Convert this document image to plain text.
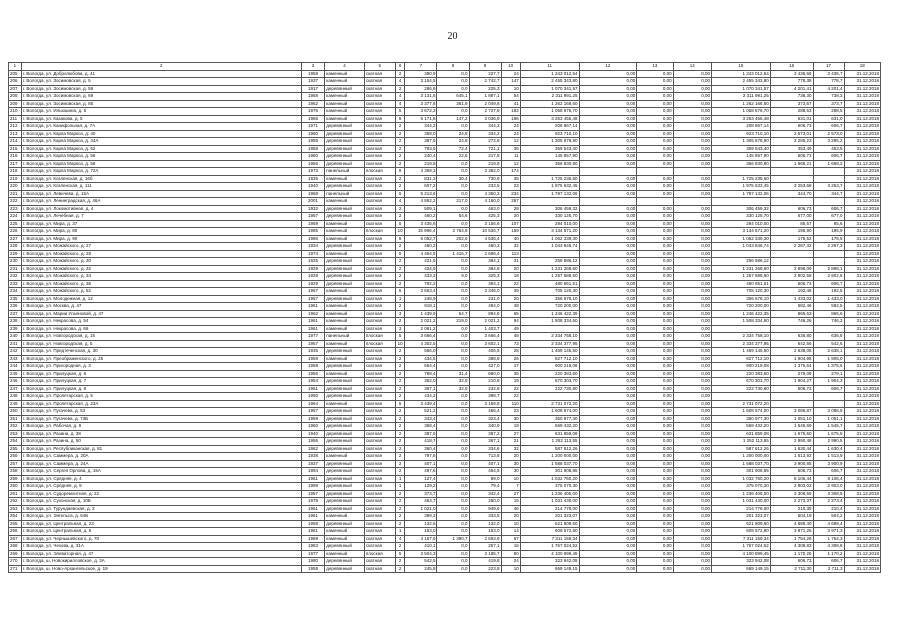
20
1	2	3	4	5	6	7	8	9	10	11	12	13	14	15	16	17	18
205	г. Вологда, ул. Добролюбова, д. 41	1958	каменный	скатная	2	390,9	0,0	227,7	24	1 343 012,54	0,00	0,00	0,00	1 343 012,54	3 435,68	3 435,7	31.12.2018
206	г. Вологда, ул. Зосимовская, д. 5	1937	каменный	скатная	4	3 154,5	0,0	2 742,7	147	2 455 343,80	0,00	0,00	0,00	2 455 343,80	778,38	778,7	31.12.2018
207	г. Вологда, ул. Зосимовская, д. 59	1917	деревянный	скатная	2	286,9	0,0	225,3	10	1 070 341,57	0,00	0,00	0,00	1 070 341,57	4 201,41	4 201,4	31.12.2018
208	г. Вологда, ул. Зосимовская, д. 69	1958	каменный	скатная	4	3 131,6	645,1	1 887,1	54	2 311 991,25	0,00	0,00	0,00	2 311 991,25	738,30	738,3	31.12.2018
209	г. Вологда, ул. Зосимовская, д. 85	1962	каменный	скатная	4	3 377,8	361,9	2 049,8	41	1 262 168,60	0,00	0,00	0,00	1 262 168,60	373,67	373,7	31.12.2018
210	г. Вологда, ул. Ильюшина, д. 5	1976	каменный	скатная	5	3 672,3	0,0	2 727,8	182	1 058 676,70	0,00	0,00	0,00	1 058 676,70	288,53	288,5	31.12.2018
211	г. Вологда, ул. Казакова, д. 5	1965	каменный	скатная	5	5 171,8	147,2	3 036,9	186	3 263 455,48	0,00	0,00	0,00	3 263 455,48	631,01	631,0	31.12.2018
212	г. Вологда, ул. Канифольная, д. 7А	1971	деревянный	скатная	2	344,3	0,0	344,3	24	208 867,14	0,00	0,00	0,00	208 867,14	606,73	606,7	31.12.2018
213	г. Вологда, ул. Карла Маркса, д. 40	1960	деревянный	скатная	2	359,0	24,8	334,2	24	923 710,10	0,00	0,00	0,00	923 710,10	2 573,01	2 573,0	31.12.2018
214	г. Вологда, ул. Карла Маркса, д. 44А	1955	деревянный	скатная	2	397,5	24,8	272,8	12	1 305 678,90	0,00	0,00	0,00	1 305 678,90	3 285,23	3 285,2	31.12.2018
215	г. Вологда, ул. Карла Маркса, д. 52	1958	деревянный	скатная	2	793,5	72,4	721,1	36	359 543,40	0,00	0,00	0,00	359 543,40	453,49	453,5	31.12.2018
216	г. Вологда, ул. Карла Маркса, д. 56	1960	деревянный	скатная	2	240,4	22,6	217,8	11	145 857,90	0,00	0,00	0,00	145 857,90	606,73	606,7	31.12.2018
217	г. Вологда, ул. Карла Маркса, д. 58	1956	деревянный	скатная	2	219,9	0,0	219,9	12	366 830,80	0,00	0,00	0,00	366 830,80	1 668,21	1 668,2	31.12.2018
218	г. Вологда, ул. Карла Маркса, д. 72А	1973	панельный	плоская	9	4 369,3	0,0	3 382,0	174								31.12.2018
219	г. Вологда, ул. Козленская, д. 16б	1935	каменный	скатная	2	831,3	30,4	730,8	35	1 725 235,60	0,00	0,00	0,00	1 725 235,60			31.12.2018
220	г. Вологда, ул. Козленская, д. 111	1940	деревянный	скатная	2	607,2	0,0	233,5	23	1 975 632,45	0,00	0,00	0,00	1 975 632,45	3 253,68	3 253,7	31.12.2018
221	г. Вологда, ул. Левичева, д. 15А	1968	панельный	скатная	5	5 213,6	0,0	4 360,3	234	1 797 132,06	0,00	0,00	0,00	1 797 132,06	344,70	344,7	31.12.2018
222	г. Вологда, ул. Ленинградская, д. 46А	2001	каменный	скатная	4	4 862,2	217,0	4 160,0	267								31.12.2018
223	г. Вологда, ул. Локомотивная, д. 4	1932	деревянный	скатная	2	509,1	0,0	463,0	28	306 459,32	0,00	0,00	0,00	306 459,32	606,73	606,7	31.12.2018
224	г. Вологда, ул. Лечебная, д. 7	1957	деревянный	скатная	2	460,2	54,6	425,3	20	330 125,70	0,00	0,00	0,00	330 125,70	677,00	677,0	31.12.2018
225	г. Вологда, ул. Мира, д. 37	1959	каменный	скатная	5	3 435,6	0,0	3 156,6	107	294 010,00	0,00	0,00	0,00	294 010,00	85,57	85,6	31.12.2018
226	г. Вологда, ул. Мира, д. 80	1985	каменный	плоская	10	15 996,4	2 764,8	10 536,7	159	3 134 571,20	0,00	0,00	0,00	3 134 571,20	195,90	195,9	31.12.2018
227	г. Вологда, ул. Мира, д. 90	1986	каменный	скатная	5	6 052,7	202,6	4 536,4	40	1 062 339,30	0,00	0,00	0,00	1 062 339,30	175,52	175,5	31.12.2018
228	г. Вологда, ул. Можайского, д. 27	1934	деревянный	скатная	2	460,3	0,0	460,3	32	1 043 846,74	0,00	0,00	0,00	1 043 846,74	2 267,32	2 267,3	31.12.2018
229	г. Вологда, ул. Можайского, д. 28	1974	каменный	скатная	5	4 454,5	1 416,7	2 696,4	113		0,00	0,00	0,00				31.12.2018
230	г. Вологда, ул. Можайского, д. 30	1925	деревянный	скатная	2	421,5	0,0	384,1	31	256 586,12	0,00	0,00	0,00	256 586,12			31.12.2018
231	г. Вологда, ул. Можайского, д. 32	1929	деревянный	скатная	2	424,9	0,0	384,8	20	1 231 268,60	0,00	0,00	0,00	1 231 268,60	2 898,09	2 898,1	31.12.2018
232	г. Вологда, ул. Можайского, д. 34	1928	деревянный	скатная	2	433,3	9,0	325,3	18	1 257 688,60	0,00	0,00	0,00	1 257 688,60	2 902,58	2 902,6	31.12.2018
233	г. Вологда, ул. Можайского, д. 36	1929	деревянный	скатная	2	792,2	0,0	364,1	22	480 651,51	0,00	0,00	0,00	480 651,51	606,73	606,7	31.12.2018
234	г. Вологда, ул. Можайского, д. 52	1967	каменный	скатная	5	3 663,4	0,0	3 346,0	39	705 120,30	0,00	0,00	0,00	705 120,30	192,48	192,5	31.12.2018
235	г. Вологда, ул. Молодежная, д. 12	1957	деревянный	скатная	1	248,9	0,0	231,0	20	356 678,10	0,00	0,00	0,00	356 678,10	1 433,02	1 433,0	31.12.2018
236	г. Вологда, ул. Москва, д. 47	1961	каменный	скатная	2	918,1	0,0	494,0	48	720 200,00	0,00	0,00	0,00	720 200,00	582,46	582,5	31.12.2018
237	г. Вологда, ул. Марии Ульяновой, д. 47	1962	каменный	скатная	3	1 439,9	54,7	894,8	65	1 246 422,35	0,00	0,00	0,00	1 246 422,35	865,63	865,6	31.12.2018
238	г. Вологда, ул. Некрасова, д. 54	1961	каменный	скатная	2	2 021,2	219,0	2 021,2	94	1 508 334,60	0,00	0,00	0,00	1 508 334,60	746,26	746,3	31.12.2018
239	г. Вологда, ул. Некрасова, д. 66	1961	каменный	скатная	3	2 061,2	0,0	1 403,7	49		0,00	0,00	0,00				31.12.2018
240	г. Вологда, ул. Новгородская, д. 15	1977	панельный	плоская	5	3 666,4	0,0	3 666,4	48	2 334 758,10	0,00	0,00	0,00	2 334 758,10	636,80	636,8	31.12.2018
241	г. Вологда, ул. Новгородская, д. 5	1957	каменный	плоская	10	4 302,5	0,0	3 602,1	73	2 334 377,95	0,00	0,00	0,00	2 334 377,95	542,56	542,6	31.12.2018
242	г. Вологда, ул. Предтеченская, д. 30	1935	деревянный	скатная	2	566,0	0,0	406,5	28	1 469 145,50	0,00	0,00	0,00	1 469 145,50	2 638,05	2 638,1	31.12.2018
243	г. Вологда, ул. Преображенского, д. 25	1959	каменный	скатная	2	434,5	0,0	398,8	26	827 712,10	0,00	0,00	0,00	827 712,10	1 904,98	1 905,0	31.12.2018
244	г. Вологда, ул. Пригородная, д. 3	1958	деревянный	скатная	2	654,4	0,0	427,0	17	900 219,08	0,00	0,00	0,00	900 219,08	1 375,64	1 375,6	31.12.2018
245	г. Вологда, ул. Прилуцкая, д. 6	1956	каменный	скатная	2	789,4	31,4	680,0	36	220 383,60	0,00	0,00	0,00	220 383,60	279,08	279,1	31.12.2018
246	г. Вологда, ул. Прилуцкая, д. 7	1954	деревянный	скатная	2	352,0	32,5	210,8	19	670 303,70	0,00	0,00	0,00	670 303,70	1 904,27	1 904,3	31.12.2018
247	г. Вологда, ул. Прилуцкая, д. 8	1951	деревянный	скатная	2	367,1	32,5	232,8	22	222 730,80	0,00	0,00	0,00	222 730,80	606,73	606,7	31.12.2018
248	г. Вологда, ул. Пролетарская, д. 5	1950	деревянный	скатная	2	434,2	0,0	398,7	22		0,00	0,00	0,00				31.12.2018
249	г. Вологда, ул. Пролетарская, д. 23А	1964	каменный	скатная	5	3 439,4	0,0	3 159,8	110	2 731 072,20	0,00	0,00	0,00	2 731 072,20			31.12.2018
250	г. Вологда, ул. Пугачева, д. 53	1957	деревянный	скатная	2	521,2	0,0	466,4	23	1 608 674,00	0,00	0,00	0,00	1 608 674,00	3 086,87	3 086,9	31.12.2018
251	г. Вологда, ул. Пугачева, д. 73Б	1959	деревянный	скатная	2	343,4	0,0	323,4	30	360 977,30	0,00	0,00	0,00	360 977,30	1 051,10	1 051,1	31.12.2018
252	г. Вологда, ул. Рабочая, д. 9	1960	деревянный	скатная	2	368,4	0,0	340,9	19	569 432,20	0,00	0,00	0,00	569 432,20	1 545,69	1 545,7	31.12.2018
253	г. Вологда, ул. Разина, д. 38	1940	деревянный	скатная	2	387,5	0,0	387,2	27	631 859,08	0,00	0,00	0,00	631 859,08	1 675,50	1 675,5	31.12.2018
254	г. Вологда, ул. Разина, д. 50	1956	деревянный	скатная	2	418,7	0,0	367,1	21	1 252 113,55	0,00	0,00	0,00	1 252 113,55	2 990,48	2 990,5	31.12.2018
255	г. Вологда, ул. Республиканская, д. 81	1962	деревянный	скатная	2	360,4	0,0	334,6	32	587 612,26	0,00	0,00	0,00	587 612,26	1 630,44	1 630,4	31.12.2018
256	г. Вологда, ул. Саммера, д. 20А	1938	каменный	скатная	2	797,6	0,0	713,8	20	1 200 000,00	0,00	0,00	0,00	1 200 000,00	1 513,92	1 513,9	31.12.2018
257	г. Вологда, ул. Саммера, д. 24А	1937	деревянный	скатная	2	407,1	0,0	407,1	30	1 588 037,70	0,00	0,00	0,00	1 588 037,70	3 900,85	3 900,9	31.12.2018
258	г. Вологда, ул. Сергея Орлова, д. 15А	1994	деревянный	скатная	2	497,6	0,0	454,5	30	301 908,85	0,00	0,00	0,00	301 908,85	606,73	606,7	31.12.2018
259	г. Вологда, ул. Средняя, д. 4	1951	деревянный	скатная	1	127,4	0,0	89,0	10	1 032 760,20	0,00	0,00	0,00	1 032 760,20	8 106,44	8 106,4	31.12.2018
260	г. Вологда, ул. Средняя, д. 9	1999	деревянный	скатная	1	129,2	0,0	79,4	7	375 070,30	0,00	0,00	0,00	375 070,30	2 903,02	2 903,0	31.12.2018
261	г. Вологда, ул. Судоремонтная, д. 22	1957	деревянный	скатная	2	373,7	0,0	342,4	27	1 236 405,00	0,00	0,00	0,00	1 236 405,00	3 308,55	3 308,5	31.12.2018
262	г. Вологда, ул. Сухонская, д. 10Б	1978	деревянный	скатная	2	453,7	0,0	260,0	16	1 031 430,00	0,00	0,00	0,00	1 031 430,00	2 273,37	2 273,4	31.12.2018
263	г. Вологда, ул. Турундаевская, д. 2	1961	деревянный	скатная	2	1 021,0	0,0	949,6	46	214 778,00	0,00	0,00	0,00	214 778,00	210,35	210,4	31.12.2018
264	г. Вологда, ул. Энгельса, д. 64Б	1961	каменный	скатная	2	399,3	0,0	333,5	20	201 323,07	0,00	0,00	0,00	201 323,07	504,19	504,2	31.12.2018
265	г. Вологда, ул. Центральная, д. 23	1958	деревянный	скатная	2	132,6	0,0	132,0	10	621 809,60	0,00	0,00	0,00	621 809,60	4 689,40	4 689,4	31.12.2018
266	г. Вологда, ул. Центральная, д. 5	1961	каменный	скатная	1	153,0	0,0	153,0	14	609 572,80	0,00	0,00	0,00	609 572,80	3 971,26	3 971,3	31.12.2018
267	г. Вологда, ул. Чернышевского, д. 70	1969	каменный	скатная	4	4 167,6	1 390,7	2 693,8	67	7 311 159,34	0,00	0,00	0,00	7 311 159,34	1 754,28	1 754,3	31.12.2018
268	г. Вологда, ул. Чехова, д. 31А	1983	деревянный	скатная	2	410,1	0,0	257,1	16	1 767 024,52	0,00	0,00	0,00	1 767 024,52	4 308,83	4 308,8	31.12.2018
269	г. Вологда, ул. Элеваторная, д. 47	1977	каменный	плоская	5	3 504,3	0,0	3 185,7	80	4 100 899,45	0,00	0,00	0,00	4 100 899,45	1 170,25	1 170,2	31.12.2018
270	г. Вологда, ш. Новокирилловское, д. 3А	1980	деревянный	скатная	2	542,5	0,0	419,8	24	323 942,08	0,00	0,00	0,00	323 942,08	606,73	606,7	31.12.2018
271	г. Вологда, ш. Ново-Архангельское, д. 19	1958	деревянный	скатная	2	245,8	0,0	223,8	10	669 149,15	0,00	0,00	0,00	669 149,15	2 711,30	2 711,3	31.12.2018
